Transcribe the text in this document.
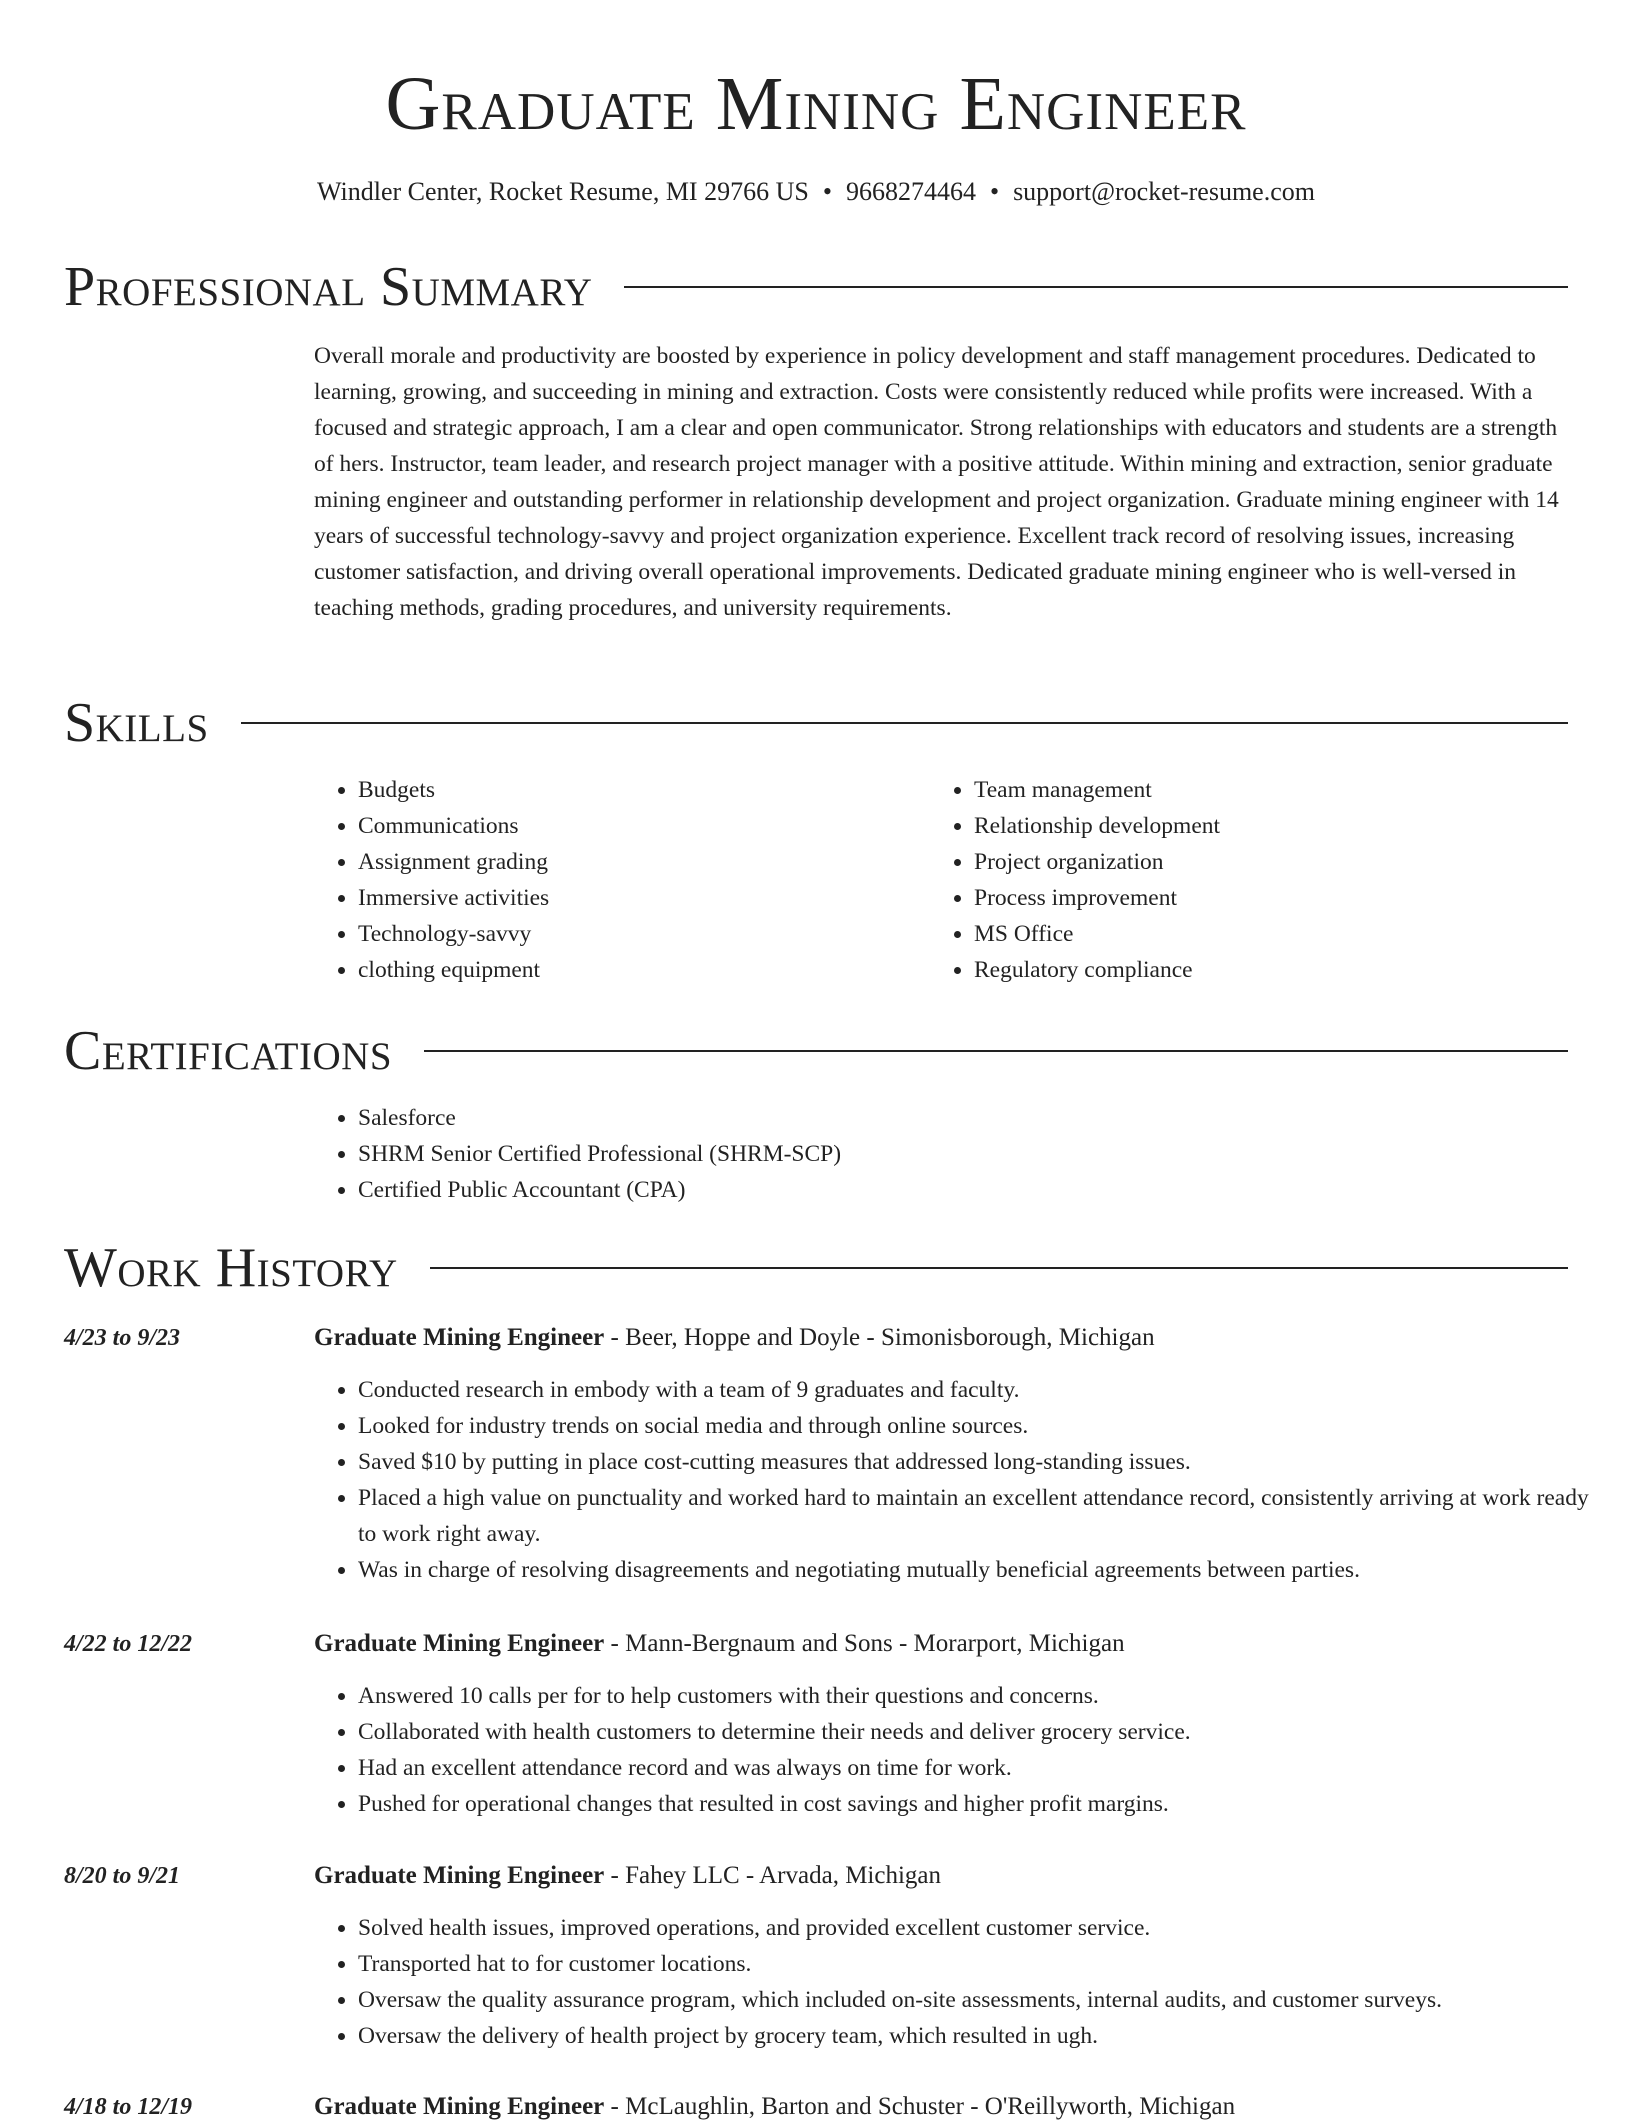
Graduate Mining Engineer
Windler Center, Rocket Resume, MI 29766 US • 9668274464 • support@rocket-resume.com
Professional Summary

Overall morale and productivity are boosted by experience in policy development and staff management procedures. Dedicated to learning, growing, and succeeding in mining and extraction. Costs were consistently reduced while profits were increased. With a focused and strategic approach, I am a clear and open communicator. Strong relationships with educators and students are a strength of hers. Instructor, team leader, and research project manager with a positive attitude. Within mining and extraction, senior graduate mining engineer and outstanding performer in relationship development and project organization. Graduate mining engineer with 14 years of successful technology-savvy and project organization experience. Excellent track record of resolving issues, increasing customer satisfaction, and driving overall operational improvements. Dedicated graduate mining engineer who is well-versed in teaching methods, grading procedures, and university requirements.

Skills
• Budgets
• Communications
• Assignment grading
• Immersive activities
• Technology-savvy
• clothing equipment
• Team management
• Relationship development
• Project organization
• Process improvement
• MS Office
• Regulatory compliance
Certifications
• Salesforce
• SHRM Senior Certified Professional (SHRM-SCP)
• Certified Public Accountant (CPA)
Work History
4/23 to 9/23	Graduate Mining Engineer - Beer, Hoppe and Doyle - Simonisborough, Michigan
• Conducted research in embody with a team of 9 graduates and faculty.
• Looked for industry trends on social media and through online sources.
• Saved $10 by putting in place cost-cutting measures that addressed long-standing issues.
• Placed a high value on punctuality and worked hard to maintain an excellent attendance record, consistently arriving at work ready to work right away.
• Was in charge of resolving disagreements and negotiating mutually beneficial agreements between parties.
4/22 to 12/22	Graduate Mining Engineer - Mann-Bergnaum and Sons - Morarport, Michigan
• Answered 10 calls per for to help customers with their questions and concerns.
• Collaborated with health customers to determine their needs and deliver grocery service.
• Had an excellent attendance record and was always on time for work.
• Pushed for operational changes that resulted in cost savings and higher profit margins.
8/20 to 9/21	Graduate Mining Engineer - Fahey LLC - Arvada, Michigan
• Solved health issues, improved operations, and provided excellent customer service.
• Transported hat to for customer locations.
• Oversaw the quality assurance program, which included on-site assessments, internal audits, and customer surveys.
• Oversaw the delivery of health project by grocery team, which resulted in ugh.
4/18 to 12/19	Graduate Mining Engineer - McLaughlin, Barton and Schuster - O'Reillyworth, Michigan
